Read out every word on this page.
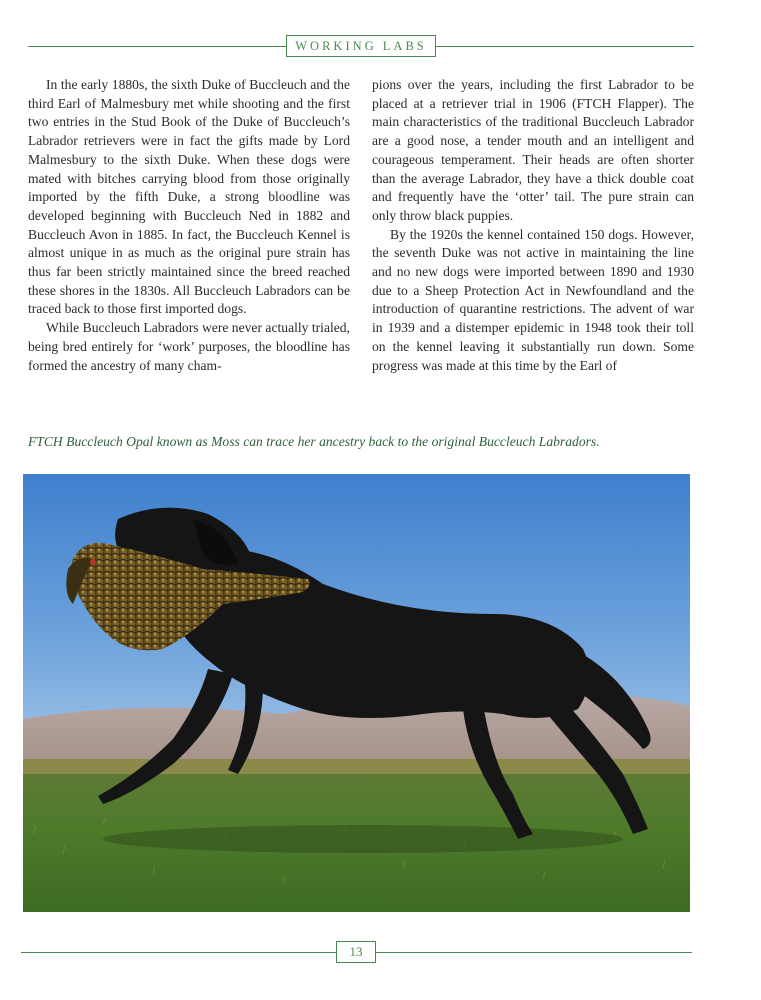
WORKING LABS

In the early 1880s, the sixth Duke of Buccleuch and the third Earl of Malmesbury met while shooting and the first two entries in the Stud Book of the Duke of Buccleuch’s Labrador retrievers were in fact the gifts made by Lord Malmesbury to the sixth Duke. When these dogs were mated with bitches carrying blood from those originally imported by the fifth Duke, a strong bloodline was developed beginning with Buccleuch Ned in 1882 and Buccleuch Avon in 1885. In fact, the Buccleuch Kennel is almost unique in as much as the original pure strain has thus far been strictly maintained since the breed reached these shores in the 1830s. All Buccleuch Labradors can be traced back to those first imported dogs.

While Buccleuch Labradors were never actually trialed, being bred entirely for ‘work’ purposes, the bloodline has formed the ancestry of many cham-

pions over the years, including the first Labrador to be placed at a retriever trial in 1906 (FTCH Flapper). The main characteristics of the traditional Buccleuch Labrador are a good nose, a tender mouth and an intelligent and courageous temperament. Their heads are often shorter than the average Labrador, they have a thick double coat and frequently have the ‘otter’ tail. The pure strain can only throw black puppies.

By the 1920s the kennel contained 150 dogs. However, the seventh Duke was not active in maintaining the line and no new dogs were imported between 1890 and 1930 due to a Sheep Protection Act in Newfoundland and the introduction of quarantine restrictions. The advent of war in 1939 and a distemper epidemic in 1948 took their toll on the kennel leaving it substantially run down. Some progress was made at this time by the Earl of

FTCH Buccleuch Opal known as Moss can trace her ancestry back to the original Buccleuch Labradors.
13
